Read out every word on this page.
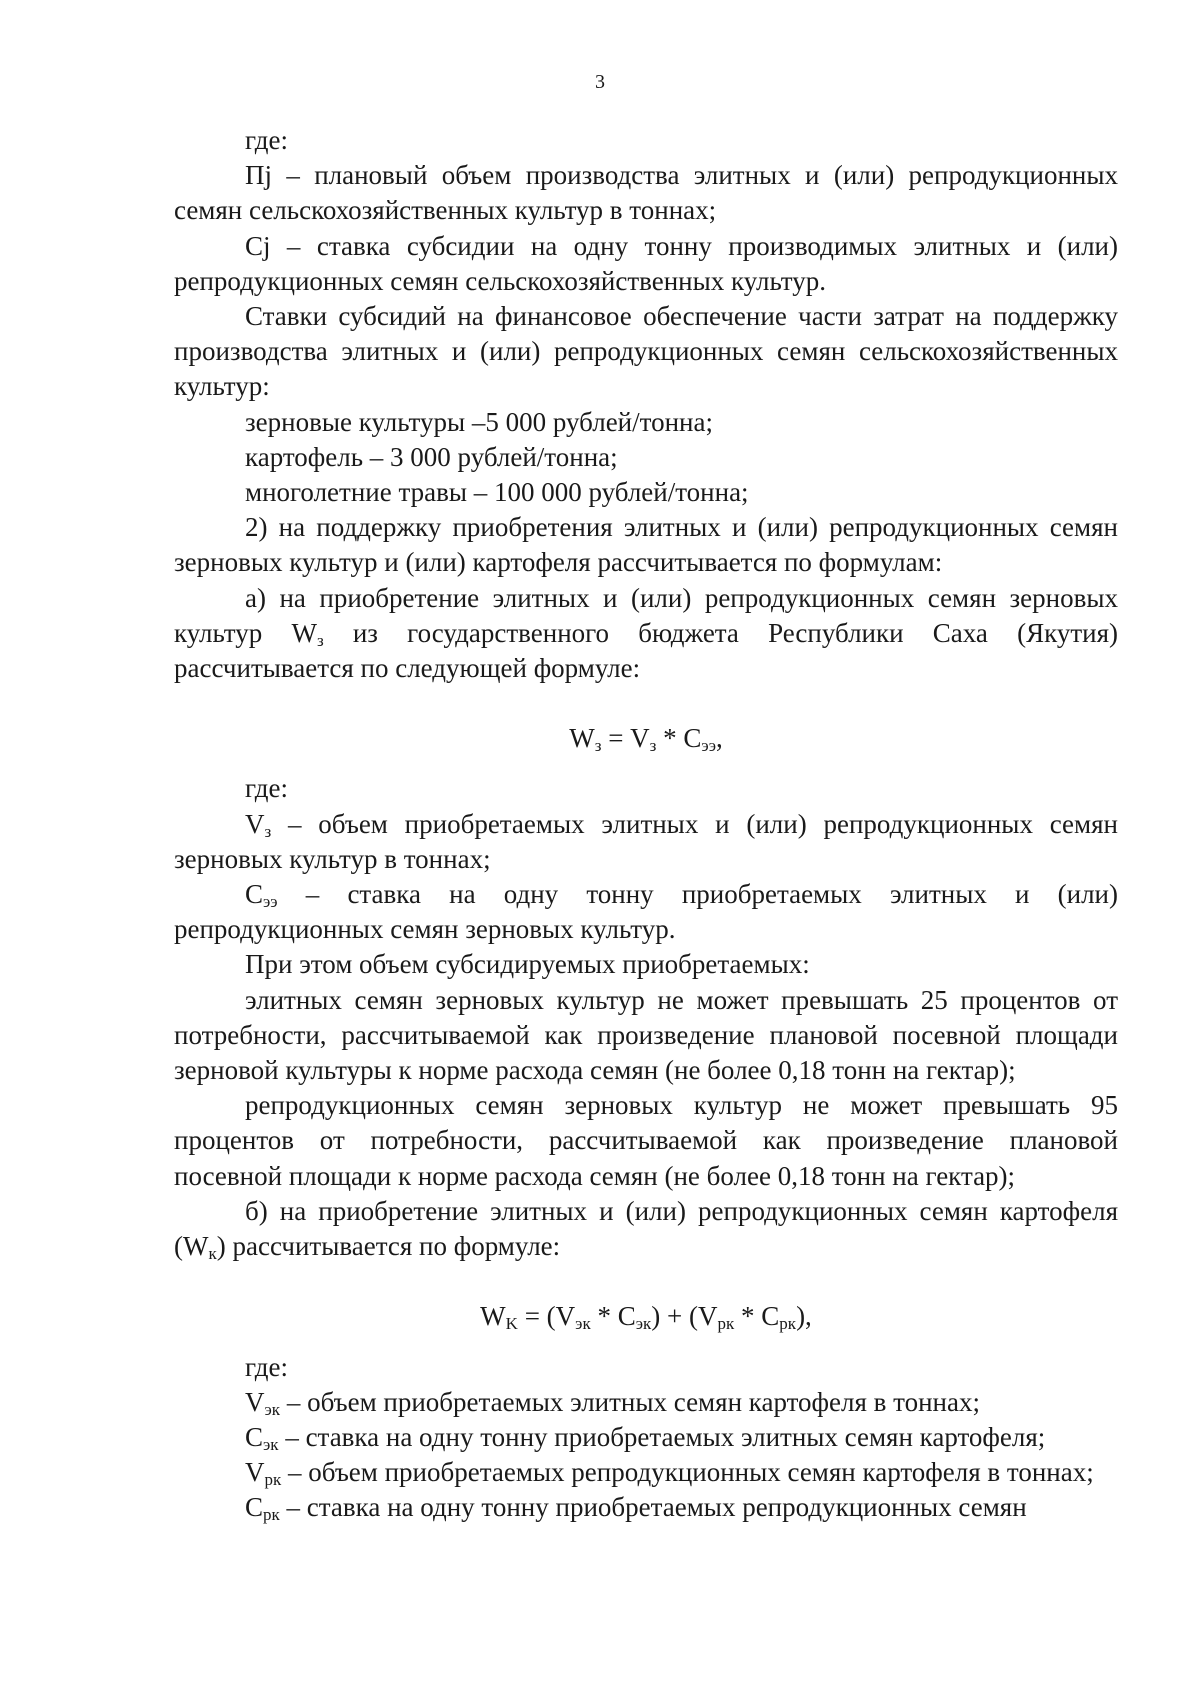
3

где:

Пj – плановый объем производства элитных и (или) репродукционных семян сельскохозяйственных культур в тоннах;

Cj – ставка субсидии на одну тонну производимых элитных и (или) репродукционных семян сельскохозяйственных культур.

Ставки субсидий на финансовое обеспечение части затрат на поддержку производства элитных и (или) репродукционных семян сельскохозяйственных культур:

зерновые культуры –5 000 рублей/тонна;

картофель – 3 000 рублей/тонна;

многолетние травы – 100 000 рублей/тонна;

2) на поддержку приобретения элитных и (или) репродукционных семян зерновых культур и (или) картофеля рассчитывается по формулам:

а) на приобретение элитных и (или) репродукционных семян зерновых культур $W_з$ из государственного бюджета Республики Саха (Якутия) рассчитывается по следующей формуле:

$W_з = V_з * C_{ээ}$,

где:

$V_з$ – объем приобретаемых элитных и (или) репродукционных семян зерновых культур в тоннах;

$C_{ээ}$ – ставка на одну тонну приобретаемых элитных и (или) репродукционных семян зерновых культур.

При этом объем субсидируемых приобретаемых:

элитных семян зерновых культур не может превышать 25 процентов от потребности, рассчитываемой как произведение плановой посевной площади зерновой культуры к норме расхода семян (не более 0,18 тонн на гектар);

репродукционных семян зерновых культур не может превышать 95 процентов от потребности, рассчитываемой как произведение плановой посевной площади к норме расхода семян (не более 0,18 тонн на гектар);

б) на приобретение элитных и (или) репродукционных семян картофеля $(W_к)$ рассчитывается по формуле:

$W_K = (V_{эк} * C_{эк}) + (V_{рк} * C_{рк})$,

где:

$V_{эк}$ – объем приобретаемых элитных семян картофеля в тоннах;

$C_{эк}$ – ставка на одну тонну приобретаемых элитных семян картофеля;

$V_{рк}$ – объем приобретаемых репродукционных семян картофеля в тоннах;

$C_{рк}$ – ставка на одну тонну приобретаемых репродукционных семян
